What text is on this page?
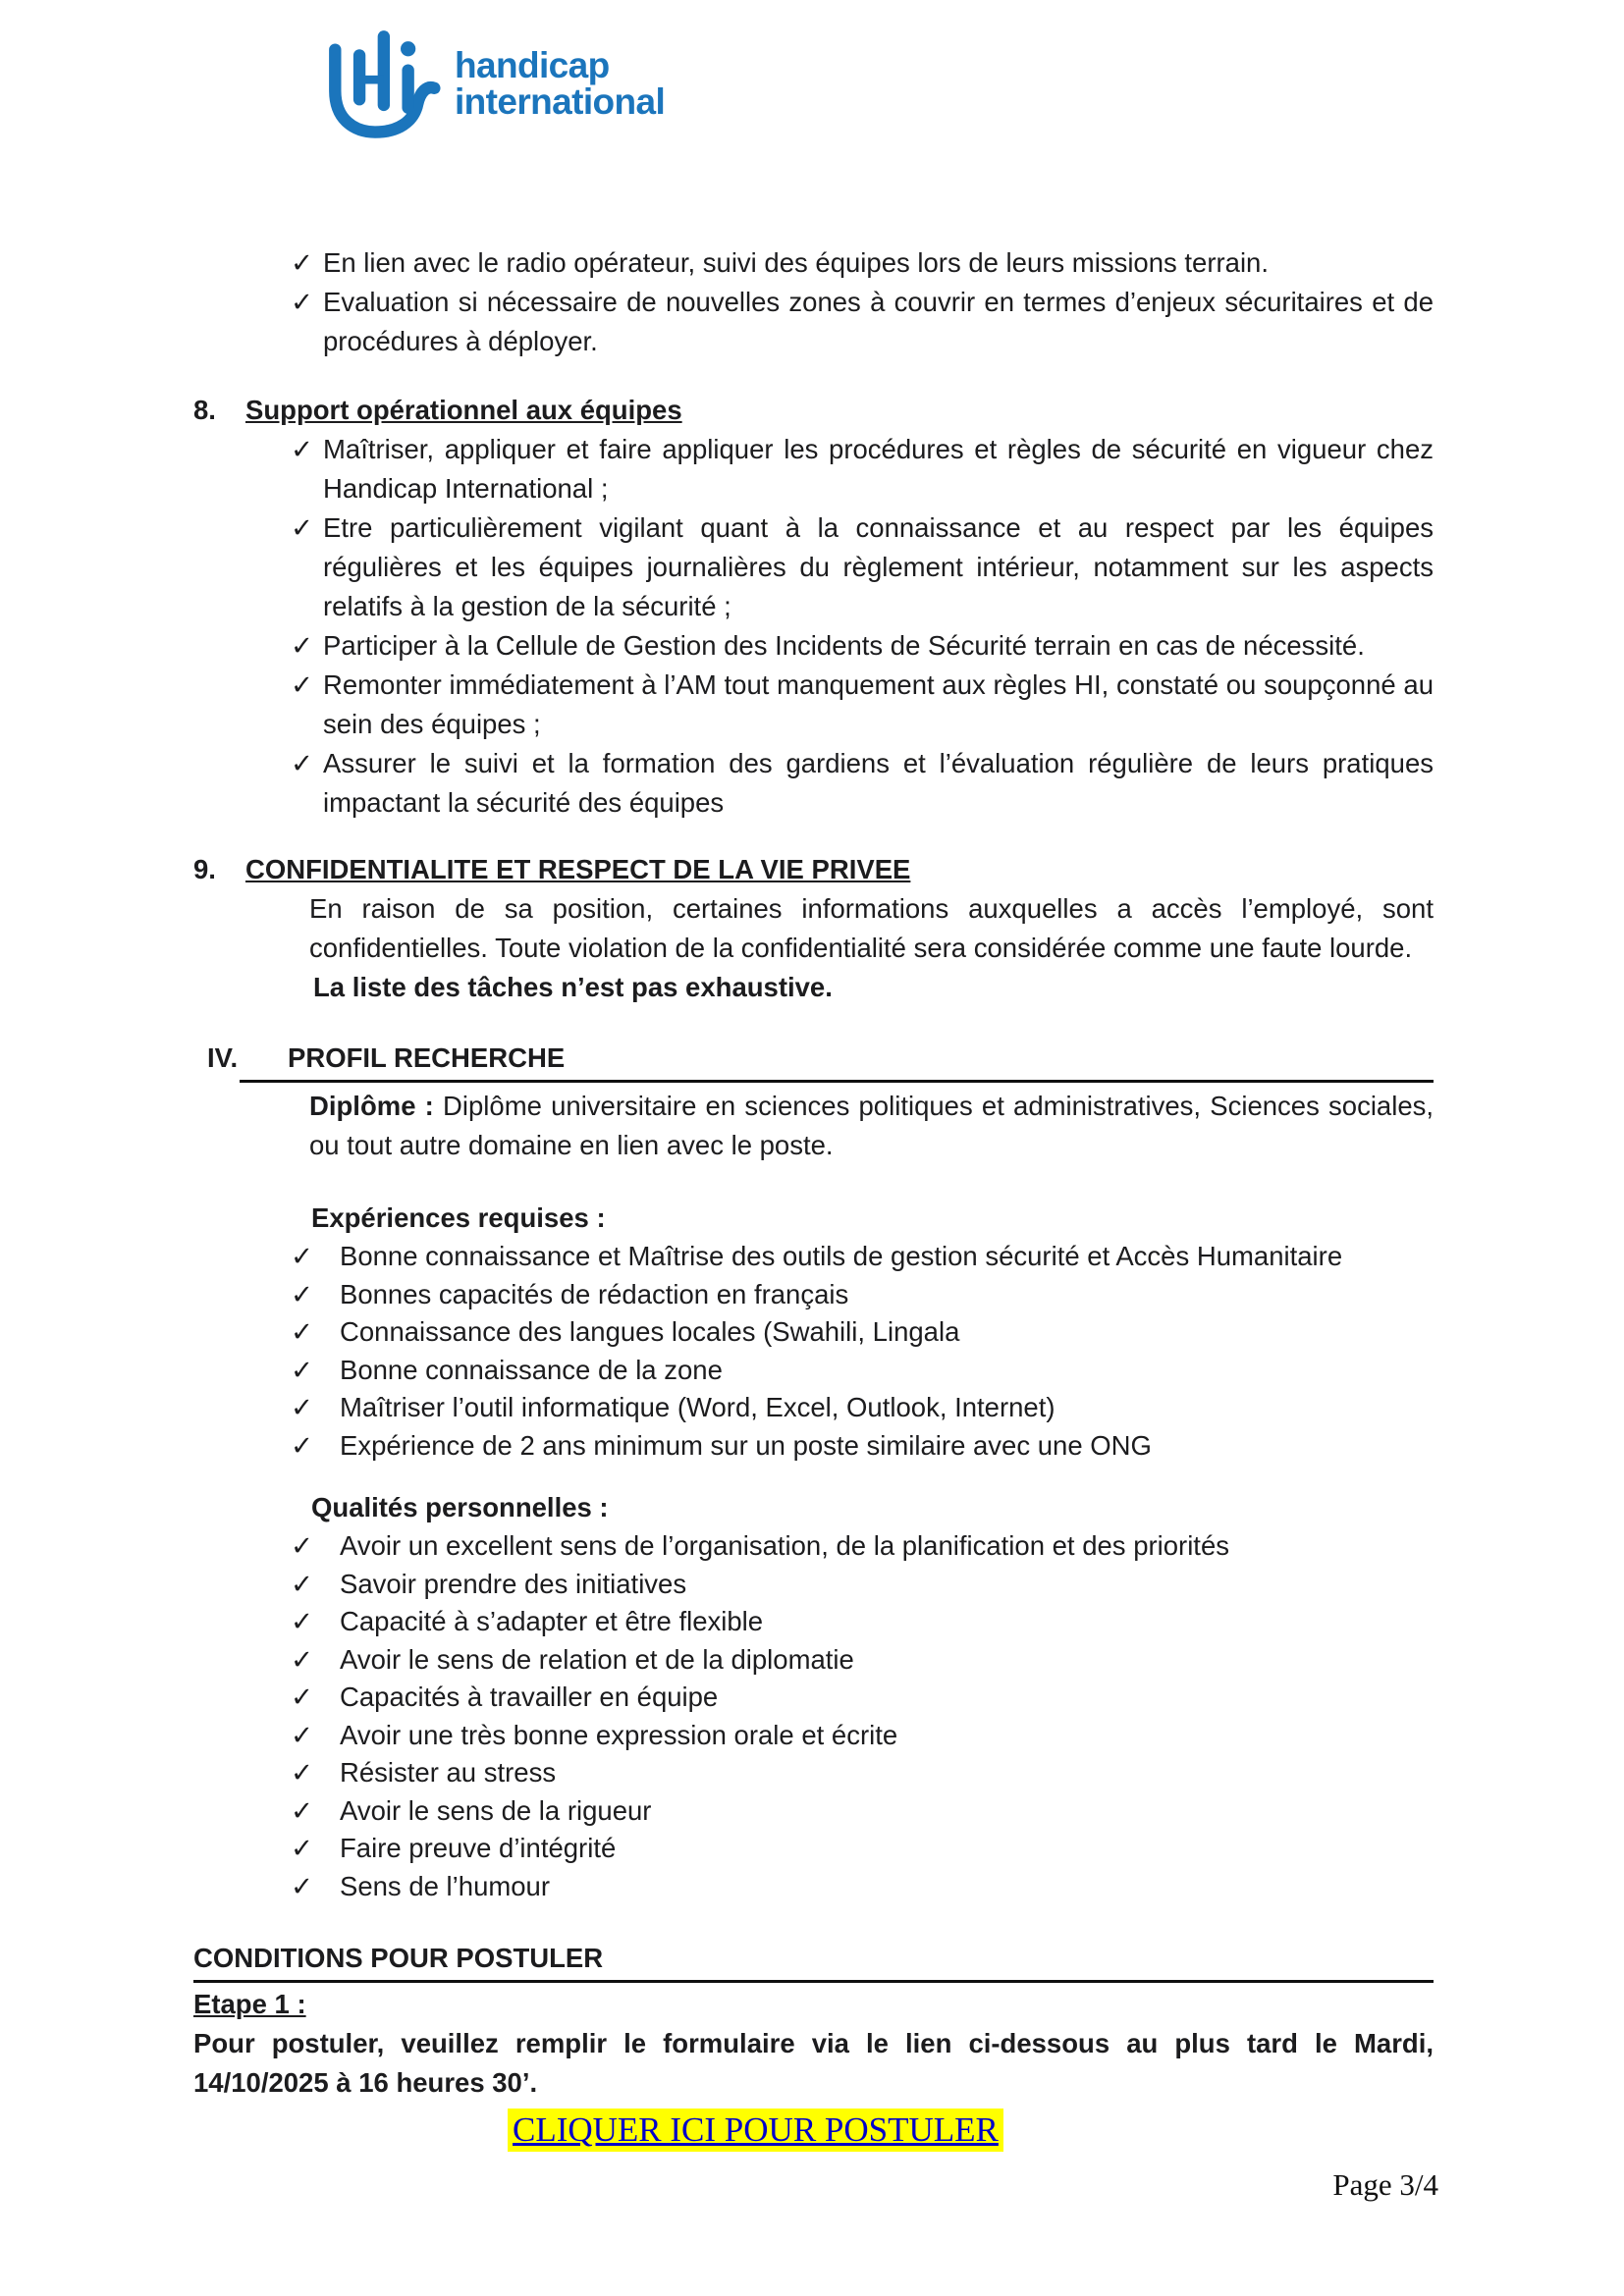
handicap
international
✓ En lien avec le radio opérateur, suivi des équipes lors de leurs missions terrain.
✓ Evaluation si nécessaire de nouvelles zones à couvrir en termes d’enjeux sécuritaires et de procédures à déployer.
8.	Support opérationnel aux équipes
✓ Maîtriser, appliquer et faire appliquer les procédures et règles de sécurité en vigueur chez Handicap International ;
✓ Etre particulièrement vigilant quant à la connaissance et au respect par les équipes régulières et les équipes journalières du règlement intérieur, notamment sur les aspects relatifs à la gestion de la sécurité ;
✓ Participer à la Cellule de Gestion des Incidents de Sécurité terrain en cas de nécessité.
✓ Remonter immédiatement à l’AM tout manquement aux règles HI, constaté ou soupçonné au sein des équipes ;
✓ Assurer le suivi et la formation des gardiens et l’évaluation régulière de leurs pratiques impactant la sécurité des équipes
9.	CONFIDENTIALITE ET RESPECT DE LA VIE PRIVEE
En raison de sa position, certaines informations auxquelles a accès l’employé, sont confidentielles. Toute violation de la confidentialité sera considérée comme une faute lourde.
La liste des tâches n’est pas exhaustive.
IV.	PROFIL RECHERCHE
Diplôme : Diplôme universitaire en sciences politiques et administratives, Sciences sociales, ou tout autre domaine en lien avec le poste.
Expériences requises :
✓ Bonne connaissance et Maîtrise des outils de gestion sécurité et Accès Humanitaire
✓ Bonnes capacités de rédaction en français
✓ Connaissance des langues locales (Swahili, Lingala
✓ Bonne connaissance de la zone
✓ Maîtriser l’outil informatique (Word, Excel, Outlook, Internet)
✓ Expérience de 2 ans minimum sur un poste similaire avec une ONG
Qualités personnelles :
✓ Avoir un excellent sens de l’organisation, de la planification et des priorités
✓ Savoir prendre des initiatives
✓ Capacité à s’adapter et être flexible
✓ Avoir le sens de relation et de la diplomatie
✓ Capacités à travailler en équipe
✓ Avoir une très bonne expression orale et écrite
✓ Résister au stress
✓ Avoir le sens de la rigueur
✓ Faire preuve d’intégrité
✓ Sens de l’humour
CONDITIONS POUR POSTULER
Etape 1 :
Pour postuler, veuillez remplir le formulaire via le lien ci-dessous au plus tard le Mardi, 14/10/2025 à 16 heures 30’.
CLIQUER ICI POUR POSTULER
Page 3/4
